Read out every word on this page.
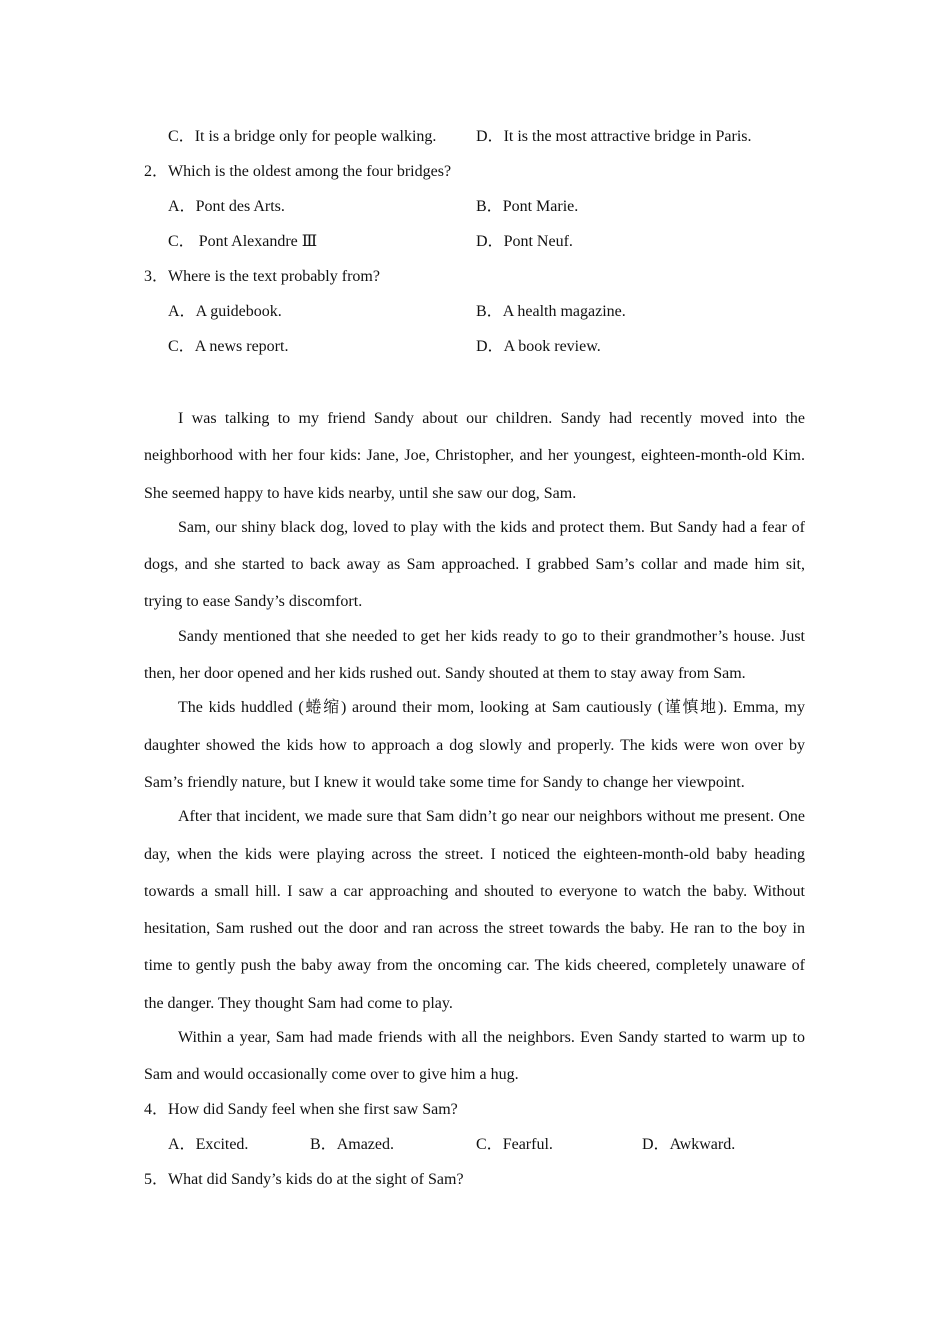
C．It is a bridge only for people walking. D．It is the most attractive bridge in Paris.
2．Which is the oldest among the four bridges?
A．Pont des Arts.	B．Pont Marie.
C． Pont Alexandre Ⅲ	D．Pont Neuf.
3．Where is the text probably from?
A．A guidebook.	B．A health magazine.
C．A news report.	D．A book review.

I was talking to my friend Sandy about our children. Sandy had recently moved into the neighborhood with her four kids: Jane, Joe, Christopher, and her youngest, eighteen-month-old Kim. She seemed happy to have kids nearby, until she saw our dog, Sam.

Sam, our shiny black dog, loved to play with the kids and protect them. But Sandy had a fear of dogs, and she started to back away as Sam approached. I grabbed Sam’s collar and made him sit, trying to ease Sandy’s discomfort.

Sandy mentioned that she needed to get her kids ready to go to their grandmother’s house. Just then, her door opened and her kids rushed out. Sandy shouted at them to stay away from Sam.

The kids huddled (蜷缩) around their mom, looking at Sam cautiously (谨慎地). Emma, my daughter showed the kids how to approach a dog slowly and properly. The kids were won over by Sam’s friendly nature, but I knew it would take some time for Sandy to change her viewpoint.

After that incident, we made sure that Sam didn’t go near our neighbors without me present. One day, when the kids were playing across the street. I noticed the eighteen-month-old baby heading towards a small hill. I saw a car approaching and shouted to everyone to watch the baby. Without hesitation, Sam rushed out the door and ran across the street towards the baby. He ran to the boy in time to gently push the baby away from the oncoming car. The kids cheered, completely unaware of the danger. They thought Sam had come to play.

Within a year, Sam had made friends with all the neighbors. Even Sandy started to warm up to Sam and would occasionally come over to give him a hug.

4．How did Sandy feel when she first saw Sam?
A．Excited.	B．Amazed.	C．Fearful.	D．Awkward.
5．What did Sandy’s kids do at the sight of Sam?
